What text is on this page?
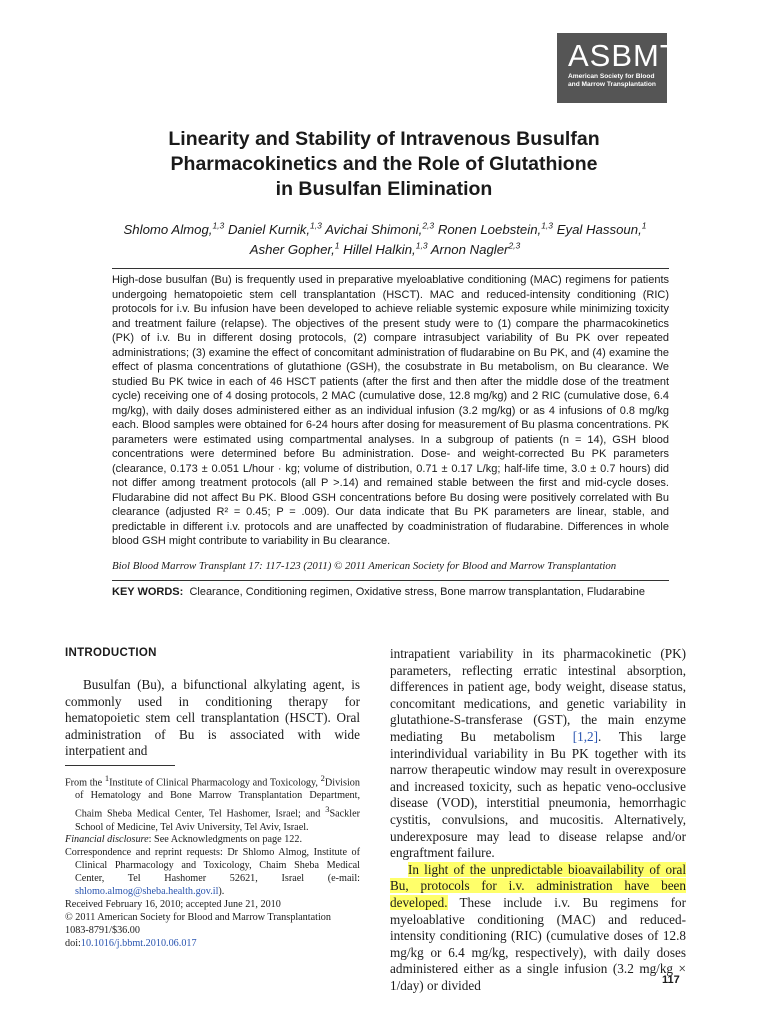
ASBMT™
American Society for Blood
and Marrow Transplantation
Linearity and Stability of Intravenous Busulfan
Pharmacokinetics and the Role of Glutathione
in Busulfan Elimination
Shlomo Almog,$^{1,3}$ Daniel Kurnik,$^{1,3}$ Avichai Shimoni,$^{2,3}$ Ronen Loebstein,$^{1,3}$ Eyal Hassoun,$^1$
Asher Gopher,$^1$ Hillel Halkin,$^{1,3}$ Arnon Nagler$^{2,3}$

High-dose busulfan (Bu) is frequently used in preparative myeloablative conditioning (MAC) regimens for patients undergoing hematopoietic stem cell transplantation (HSCT). MAC and reduced-intensity conditioning (RIC) protocols for i.v. Bu infusion have been developed to achieve reliable systemic exposure while minimizing toxicity and treatment failure (relapse). The objectives of the present study were to (1) compare the pharmacokinetics (PK) of i.v. Bu in different dosing protocols, (2) compare intrasubject variability of Bu PK over repeated administrations; (3) examine the effect of concomitant administration of fludarabine on Bu PK, and (4) examine the effect of plasma concentrations of glutathione (GSH), the cosubstrate in Bu metabolism, on Bu clearance. We studied Bu PK twice in each of 46 HSCT patients (after the first and then after the middle dose of the treatment cycle) receiving one of 4 dosing protocols, 2 MAC (cumulative dose, 12.8 mg/kg) and 2 RIC (cumulative dose, 6.4 mg/kg), with daily doses administered either as an individual infusion (3.2 mg/kg) or as 4 infusions of 0.8 mg/kg each. Blood samples were obtained for 6-24 hours after dosing for measurement of Bu plasma concentrations. PK parameters were estimated using compartmental analyses. In a subgroup of patients (n = 14), GSH blood concentrations were determined before Bu administration. Dose- and weight-corrected Bu PK parameters (clearance, 0.173 ± 0.051 L/hour · kg; volume of distribution, 0.71 ± 0.17 L/kg; half-life time, 3.0 ± 0.7 hours) did not differ among treatment protocols (all P >.14) and remained stable between the first and mid-cycle doses. Fludarabine did not affect Bu PK. Blood GSH concentrations before Bu dosing were positively correlated with Bu clearance (adjusted R² = 0.45; P = .009). Our data indicate that Bu PK parameters are linear, stable, and predictable in different i.v. protocols and are unaffected by coadministration of fludarabine. Differences in whole blood GSH might contribute to variability in Bu clearance.

Biol Blood Marrow Transplant 17: 117-123 (2011) © 2011 American Society for Blood and Marrow Transplantation
KEY WORDS: Clearance, Conditioning regimen, Oxidative stress, Bone marrow transplantation, Fludarabine
INTRODUCTION

Busulfan (Bu), a bifunctional alkylating agent, is commonly used in conditioning therapy for hematopoietic stem cell transplantation (HSCT). Oral administration of Bu is associated with wide interpatient and

From the $^1$Institute of Clinical Pharmacology and Toxicology, $^2$Division of Hematology and Bone Marrow Transplantation Department, Chaim Sheba Medical Center, Tel Hashomer, Israel; and $^3$Sackler School of Medicine, Tel Aviv University, Tel Aviv, Israel.

Financial disclosure: See Acknowledgments on page 122.

Correspondence and reprint requests: Dr Shlomo Almog, Institute of Clinical Pharmacology and Toxicology, Chaim Sheba Medical Center, Tel Hashomer 52621, Israel (e-mail: shlomo.almog@sheba.health.gov.il).

Received February 16, 2010; accepted June 21, 2010

© 2011 American Society for Blood and Marrow Transplantation

1083-8791/$36.00

doi:10.1016/j.bbmt.2010.06.017

intrapatient variability in its pharmacokinetic (PK) parameters, reflecting erratic intestinal absorption, differences in patient age, body weight, disease status, concomitant medications, and genetic variability in glutathione-S-transferase (GST), the main enzyme mediating Bu metabolism [1,2]. This large interindividual variability in Bu PK together with its narrow therapeutic window may result in overexposure and increased toxicity, such as hepatic veno-occlusive disease (VOD), interstitial pneumonia, hemorrhagic cystitis, convulsions, and mucositis. Alternatively, underexposure may lead to disease relapse and/or engraftment failure.

In light of the unpredictable bioavailability of oral Bu, protocols for i.v. administration have been developed. These include i.v. Bu regimens for myeloablative conditioning (MAC) and reduced-intensity conditioning (RIC) (cumulative doses of 12.8 mg/kg or 6.4 mg/kg, respectively), with daily doses administered either as a single infusion (3.2 mg/kg × 1/day) or divided	117
